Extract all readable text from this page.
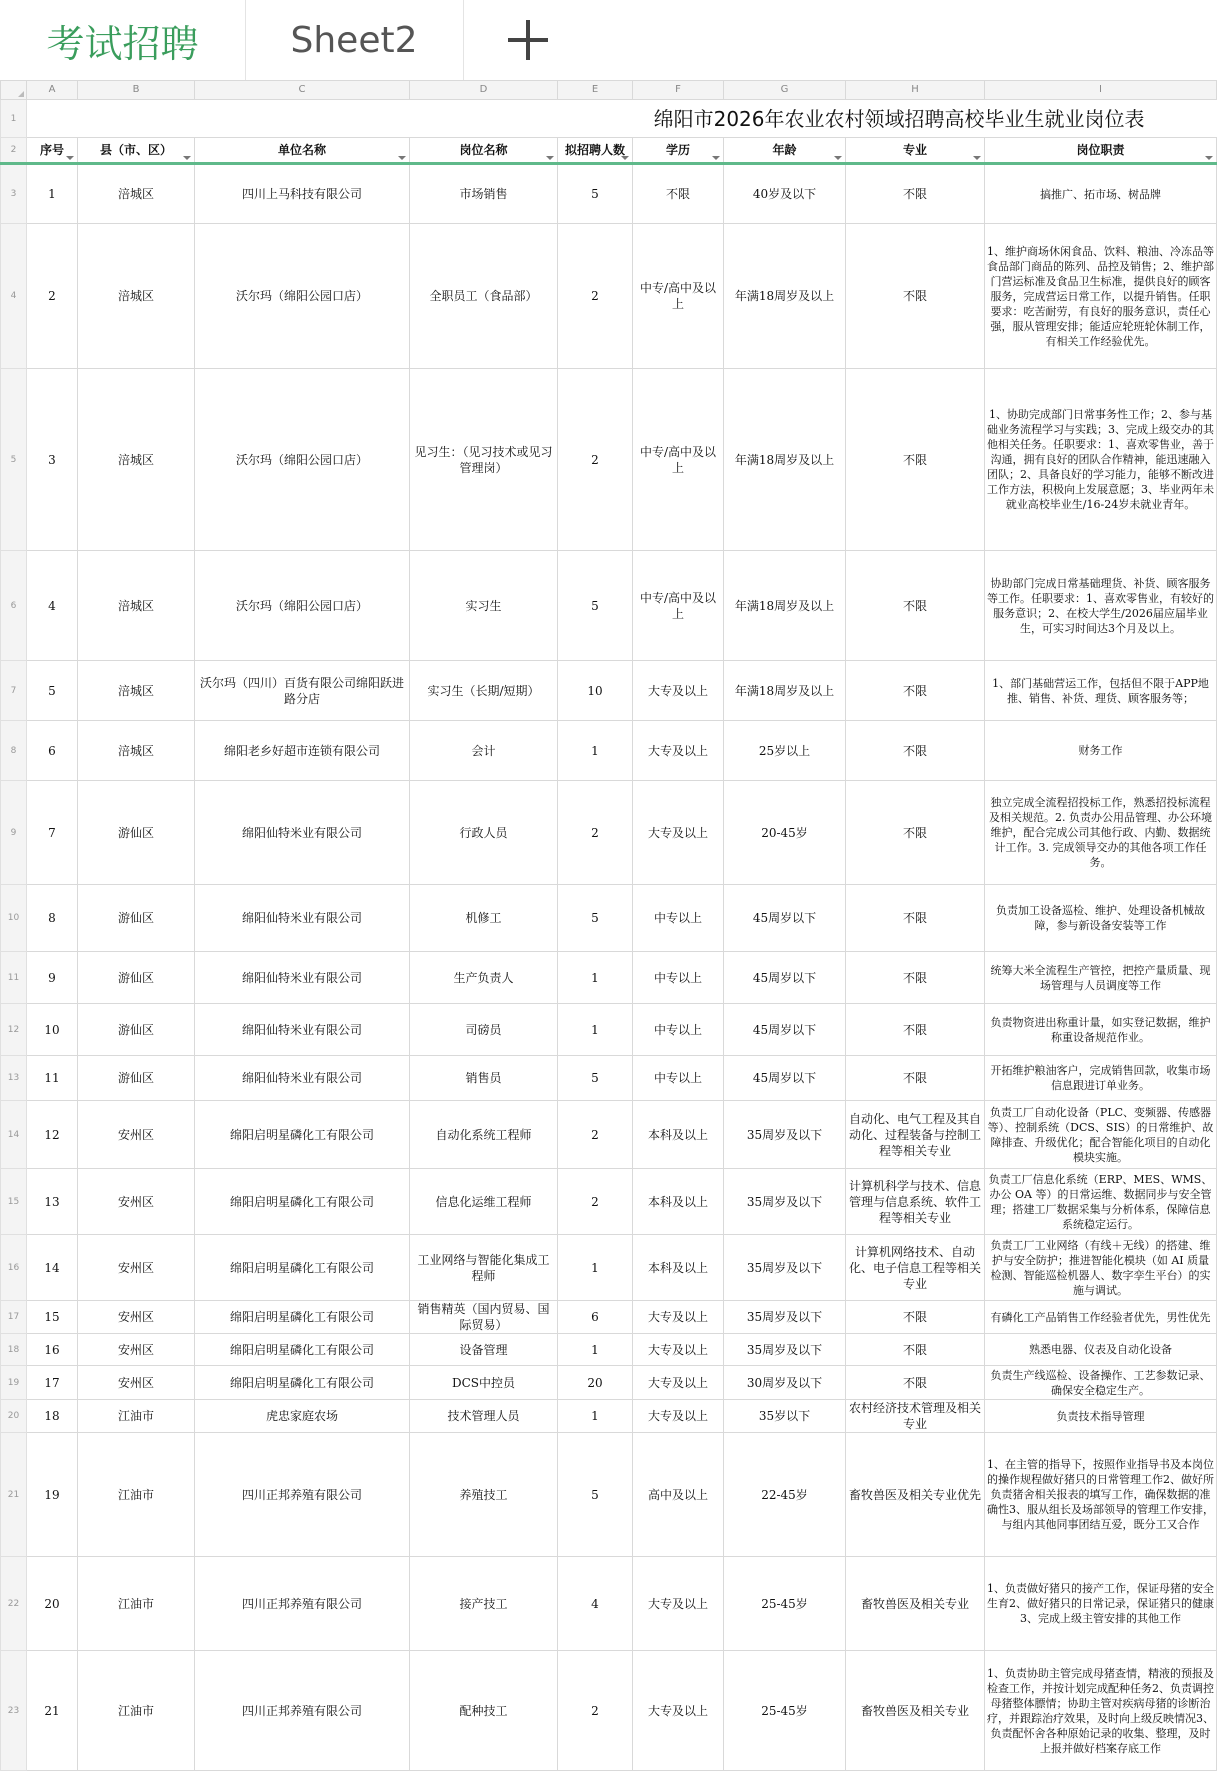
考试招聘	Sheet2
	A	B	C	D	E	F	G	H	I
1	绵阳市2026年农业农村领域招聘高校毕业生就业岗位表								
2	序号	县（市、区）	单位名称	岗位名称	拟招聘人数	学历	年龄	专业	岗位职责

3	1	涪城区	四川上马科技有限公司	市场销售	5	不限	40岁及以下	不限	搞推广、拓市场、树品牌
4	2	涪城区	沃尔玛（绵阳公园口店）	全职员工（食品部）	2	中专/高中及以上	年满18周岁及以上	不限	1、维护商场休闲食品、饮料、粮油、冷冻品等食品部门商品的陈列、品控及销售；2、维护部门营运标准及食品卫生标准，提供良好的顾客服务，完成营运日常工作，以提升销售。任职要求：吃苦耐劳，有良好的服务意识，责任心强，服从管理安排；能适应轮班轮休制工作，有相关工作经验优先。
5	3	涪城区	沃尔玛（绵阳公园口店）	见习生：（见习技术或见习管理岗）	2	中专/高中及以上	年满18周岁及以上	不限	1、协助完成部门日常事务性工作；2、参与基础业务流程学习与实践；3、完成上级交办的其他相关任务。任职要求：1、喜欢零售业，善于沟通，拥有良好的团队合作精神，能迅速融入团队；2、具备良好的学习能力，能够不断改进工作方法，积极向上发展意愿；3、毕业两年未就业高校毕业生/16-24岁未就业青年。
6	4	涪城区	沃尔玛（绵阳公园口店）	实习生	5	中专/高中及以上	年满18周岁及以上	不限	协助部门完成日常基础理货、补货、顾客服务等工作。任职要求：1、喜欢零售业，有较好的服务意识；2、在校大学生/2026届应届毕业生，可实习时间达3个月及以上。
7	5	涪城区	沃尔玛（四川）百货有限公司绵阳跃进路分店	实习生（长期/短期）	10	大专及以上	年满18周岁及以上	不限	1、部门基础营运工作，包括但不限于APP地推、销售、补货、理货、顾客服务等；
8	6	涪城区	绵阳老乡好超市连锁有限公司	会计	1	大专及以上	25岁以上	不限	财务工作
9	7	游仙区	绵阳仙特米业有限公司	行政人员	2	大专及以上	20-45岁	不限	独立完成全流程招投标工作，熟悉招投标流程及相关规范。2. 负责办公用品管理、办公环境维护，配合完成公司其他行政、内勤、数据统计工作。3. 完成领导交办的其他各项工作任务。
10	8	游仙区	绵阳仙特米业有限公司	机修工	5	中专以上	45周岁以下	不限	负责加工设备巡检、维护、处理设备机械故障，参与新设备安装等工作
11	9	游仙区	绵阳仙特米业有限公司	生产负责人	1	中专以上	45周岁以下	不限	统筹大米全流程生产管控，把控产量质量、现场管理与人员调度等工作
12	10	游仙区	绵阳仙特米业有限公司	司磅员	1	中专以上	45周岁以下	不限	负责物资进出称重计量，如实登记数据，维护称重设备规范作业。
13	11	游仙区	绵阳仙特米业有限公司	销售员	5	中专以上	45周岁以下	不限	开拓维护粮油客户，完成销售回款，收集市场信息跟进订单业务。
14	12	安州区	绵阳启明星磷化工有限公司	自动化系统工程师	2	本科及以上	35周岁及以下	自动化、电气工程及其自动化、过程装备与控制工程等相关专业	负责工厂自动化设备（PLC、变频器、传感器等）、控制系统（DCS、SIS）的日常维护、故障排查、升级优化；配合智能化项目的自动化模块实施。
15	13	安州区	绵阳启明星磷化工有限公司	信息化运维工程师	2	本科及以上	35周岁及以下	计算机科学与技术、信息管理与信息系统、软件工程等相关专业	负责工厂信息化系统（ERP、MES、WMS、办公 OA 等）的日常运维、数据同步与安全管理；搭建工厂数据采集与分析体系，保障信息系统稳定运行。
16	14	安州区	绵阳启明星磷化工有限公司	工业网络与智能化集成工程师	1	本科及以上	35周岁及以下	计算机网络技术、自动化、电子信息工程等相关专业	负责工厂工业网络（有线＋无线）的搭建、维护与安全防护；推进智能化模块（如 AI 质量检测、智能巡检机器人、数字孪生平台）的实施与调试。
17	15	安州区	绵阳启明星磷化工有限公司	销售精英（国内贸易、国际贸易）	6	大专及以上	35周岁及以下	不限	有磷化工产品销售工作经验者优先，男性优先
18	16	安州区	绵阳启明星磷化工有限公司	设备管理	1	大专及以上	35周岁及以下	不限	熟悉电器、仪表及自动化设备
19	17	安州区	绵阳启明星磷化工有限公司	DCS中控员	20	大专及以上	30周岁及以下	不限	负责生产线巡检、设备操作、工艺参数记录、确保安全稳定生产。
20	18	江油市	虎忠家庭农场	技术管理人员	1	大专及以上	35岁以下	农村经济技术管理及相关专业	负责技术指导管理
21	19	江油市	四川正邦养殖有限公司	养殖技工	5	高中及以上	22-45岁	畜牧兽医及相关专业优先	1、在主管的指导下，按照作业指导书及本岗位的操作规程做好猪只的日常管理工作2、做好所负责猪舍相关报表的填写工作，确保数据的准确性3、服从组长及场部领导的管理工作安排，与组内其他同事团结互爱，既分工又合作
22	20	江油市	四川正邦养殖有限公司	接产技工	4	大专及以上	25-45岁	畜牧兽医及相关专业	1、负责做好猪只的接产工作，保证母猪的安全生育2、做好猪只的日常记录，保证猪只的健康3、完成上级主管安排的其他工作
23	21	江油市	四川正邦养殖有限公司	配种技工	2	大专及以上	25-45岁	畜牧兽医及相关专业	1、负责协助主管完成母猪查情，精液的预报及检查工作，并按计划完成配种任务2、负责调控母猪整体膘情；协助主管对疾病母猪的诊断治疗，并跟踪治疗效果，及时向上级反映情况3、负责配怀舍各种原始记录的收集、整理，及时上报并做好档案存底工作
